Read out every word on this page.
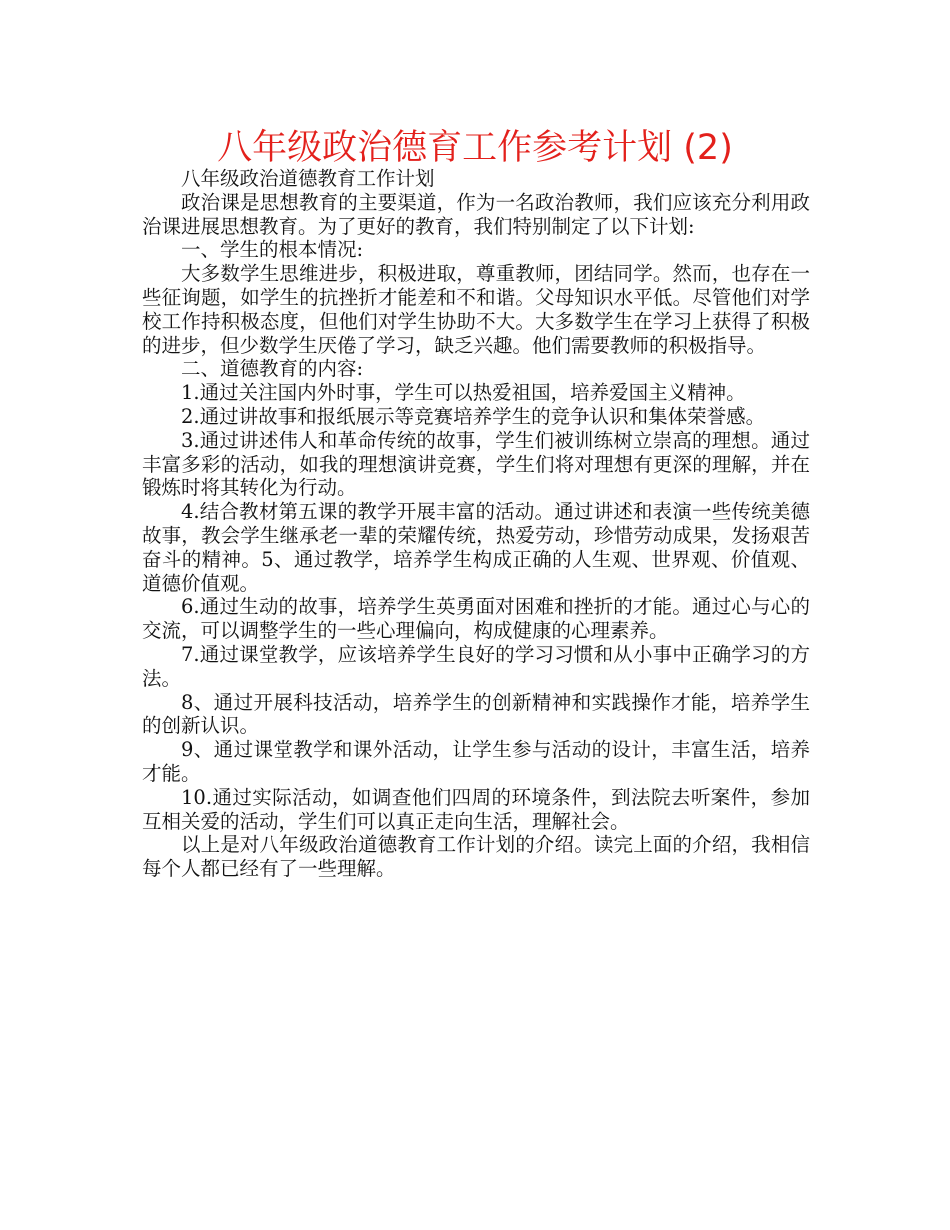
八年级政治德育工作参考计划 (2)

八年级政治道德教育工作计划

政治课是思想教育的主要渠道，作为一名政治教师，我们应该充分利用政治课进展思想教育。为了更好的教育，我们特别制定了以下计划:

一、学生的根本情况:

大多数学生思维进步，积极进取，尊重教师，团结同学。然而，也存在一些征询题，如学生的抗挫折才能差和不和谐。父母知识水平低。尽管他们对学校工作持积极态度，但他们对学生协助不大。大多数学生在学习上获得了积极的进步，但少数学生厌倦了学习，缺乏兴趣。他们需要教师的积极指导。

二、道德教育的内容:

1.通过关注国内外时事，学生可以热爱祖国，培养爱国主义精神。

2.通过讲故事和报纸展示等竞赛培养学生的竞争认识和集体荣誉感。

3.通过讲述伟人和革命传统的故事，学生们被训练树立崇高的理想。通过丰富多彩的活动，如我的理想演讲竞赛，学生们将对理想有更深的理解，并在锻炼时将其转化为行动。

4.结合教材第五课的教学开展丰富的活动。通过讲述和表演一些传统美德故事，教会学生继承老一辈的荣耀传统，热爱劳动，珍惜劳动成果，发扬艰苦奋斗的精神。5、通过教学，培养学生构成正确的人生观、世界观、价值观、道德价值观。

6.通过生动的故事，培养学生英勇面对困难和挫折的才能。通过心与心的交流，可以调整学生的一些心理偏向，构成健康的心理素养。

7.通过课堂教学，应该培养学生良好的学习习惯和从小事中正确学习的方法。

8、通过开展科技活动，培养学生的创新精神和实践操作才能，培养学生的创新认识。

9、通过课堂教学和课外活动，让学生参与活动的设计，丰富生活，培养才能。

10.通过实际活动，如调查他们四周的环境条件，到法院去听案件，参加互相关爱的活动，学生们可以真正走向生活，理解社会。

以上是对八年级政治道德教育工作计划的介绍。读完上面的介绍，我相信每个人都已经有了一些理解。
